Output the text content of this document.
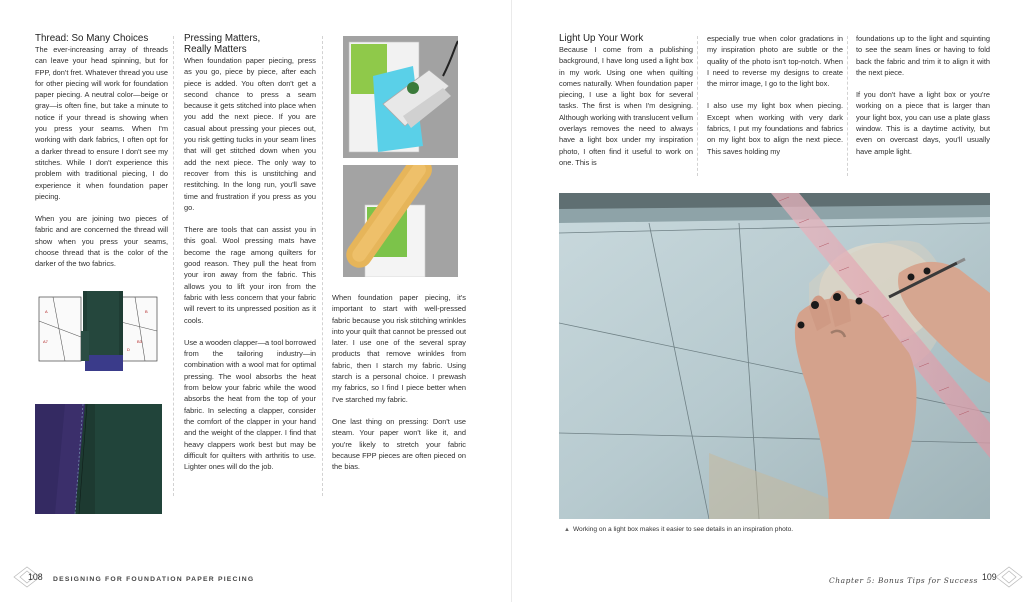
Thread: So Many Choices

The ever-increasing array of threads can leave your head spinning, but for FPP, don't fret. Whatever thread you use for other piecing will work for foundation paper piecing. A neutral color—beige or gray—is often fine, but take a minute to notice if your thread is showing when you press your seams. When I'm working with dark fabrics, I often opt for a darker thread to ensure I don't see my stitches. While I don't experience this problem with traditional piecing, I do experience it when foundation paper piecing.

When you are joining two pieces of fabric and are concerned the thread will show when you press your seams, choose thread that is the color of the darker of the two fabrics.

A
A7
B
B3
D
Pressing Matters,
Really Matters

When foundation paper piecing, press as you go, piece by piece, after each piece is added. You often don't get a second chance to press a seam because it gets stitched into place when you add the next piece. If you are casual about pressing your pieces out, you risk getting tucks in your seam lines that will get stitched down when you add the next piece. The only way to recover from this is unstitching and restitching. In the long run, you'll save time and frustration if you press as you go.

There are tools that can assist you in this goal. Wool pressing mats have become the rage among quilters for good reason. They pull the heat from your iron away from the fabric. This allows you to lift your iron from the fabric with less concern that your fabric will revert to its unpressed position as it cools.

Use a wooden clapper—a tool borrowed from the tailoring industry—in combination with a wool mat for optimal pressing. The wool absorbs the heat from below your fabric while the wood absorbs the heat from the top of your fabric. In selecting a clapper, consider the comfort of the clapper in your hand and the weight of the clapper. I find that heavy clappers work best but may be difficult for quilters with arthritis to use. Lighter ones will do the job.

When foundation paper piecing, it's important to start with well-pressed fabric because you risk stitching wrinkles into your quilt that cannot be pressed out later. I use one of the several spray products that remove wrinkles from fabric, then I starch my fabric. Using starch is a personal choice. I prewash my fabrics, so I find I piece better when I've starched my fabric.

One last thing on pressing: Don't use steam. Your paper won't like it, and you're likely to stretch your fabric because FPP pieces are often pieced on the bias.

108 DESIGNING FOR FOUNDATION PAPER PIECING
Light Up Your Work

Because I come from a publishing background, I have long used a light box in my work. Using one when quilting comes naturally. When foundation paper piecing, I use a light box for several tasks. The first is when I'm designing. Although working with translucent vellum overlays removes the need to always have a light box under my inspiration photo, I often find it useful to work on one. This is

especially true when color gradations in my inspiration photo are subtle or the quality of the photo isn't top-notch. When I need to reverse my designs to create the mirror image, I go to the light box.

I also use my light box when piecing. Except when working with very dark fabrics, I put my foundations and fabrics on my light box to align the next piece. This saves holding my

foundations up to the light and squinting to see the seam lines or having to fold back the fabric and trim it to align it with the next piece.

If you don't have a light box or you're working on a piece that is larger than your light box, you can use a plate glass window. This is a daytime activity, but even on overcast days, you'll usually have ample light.

▲ Working on a light box makes it easier to see details in an inspiration photo.
Chapter 5: Bonus Tips for Success 109
